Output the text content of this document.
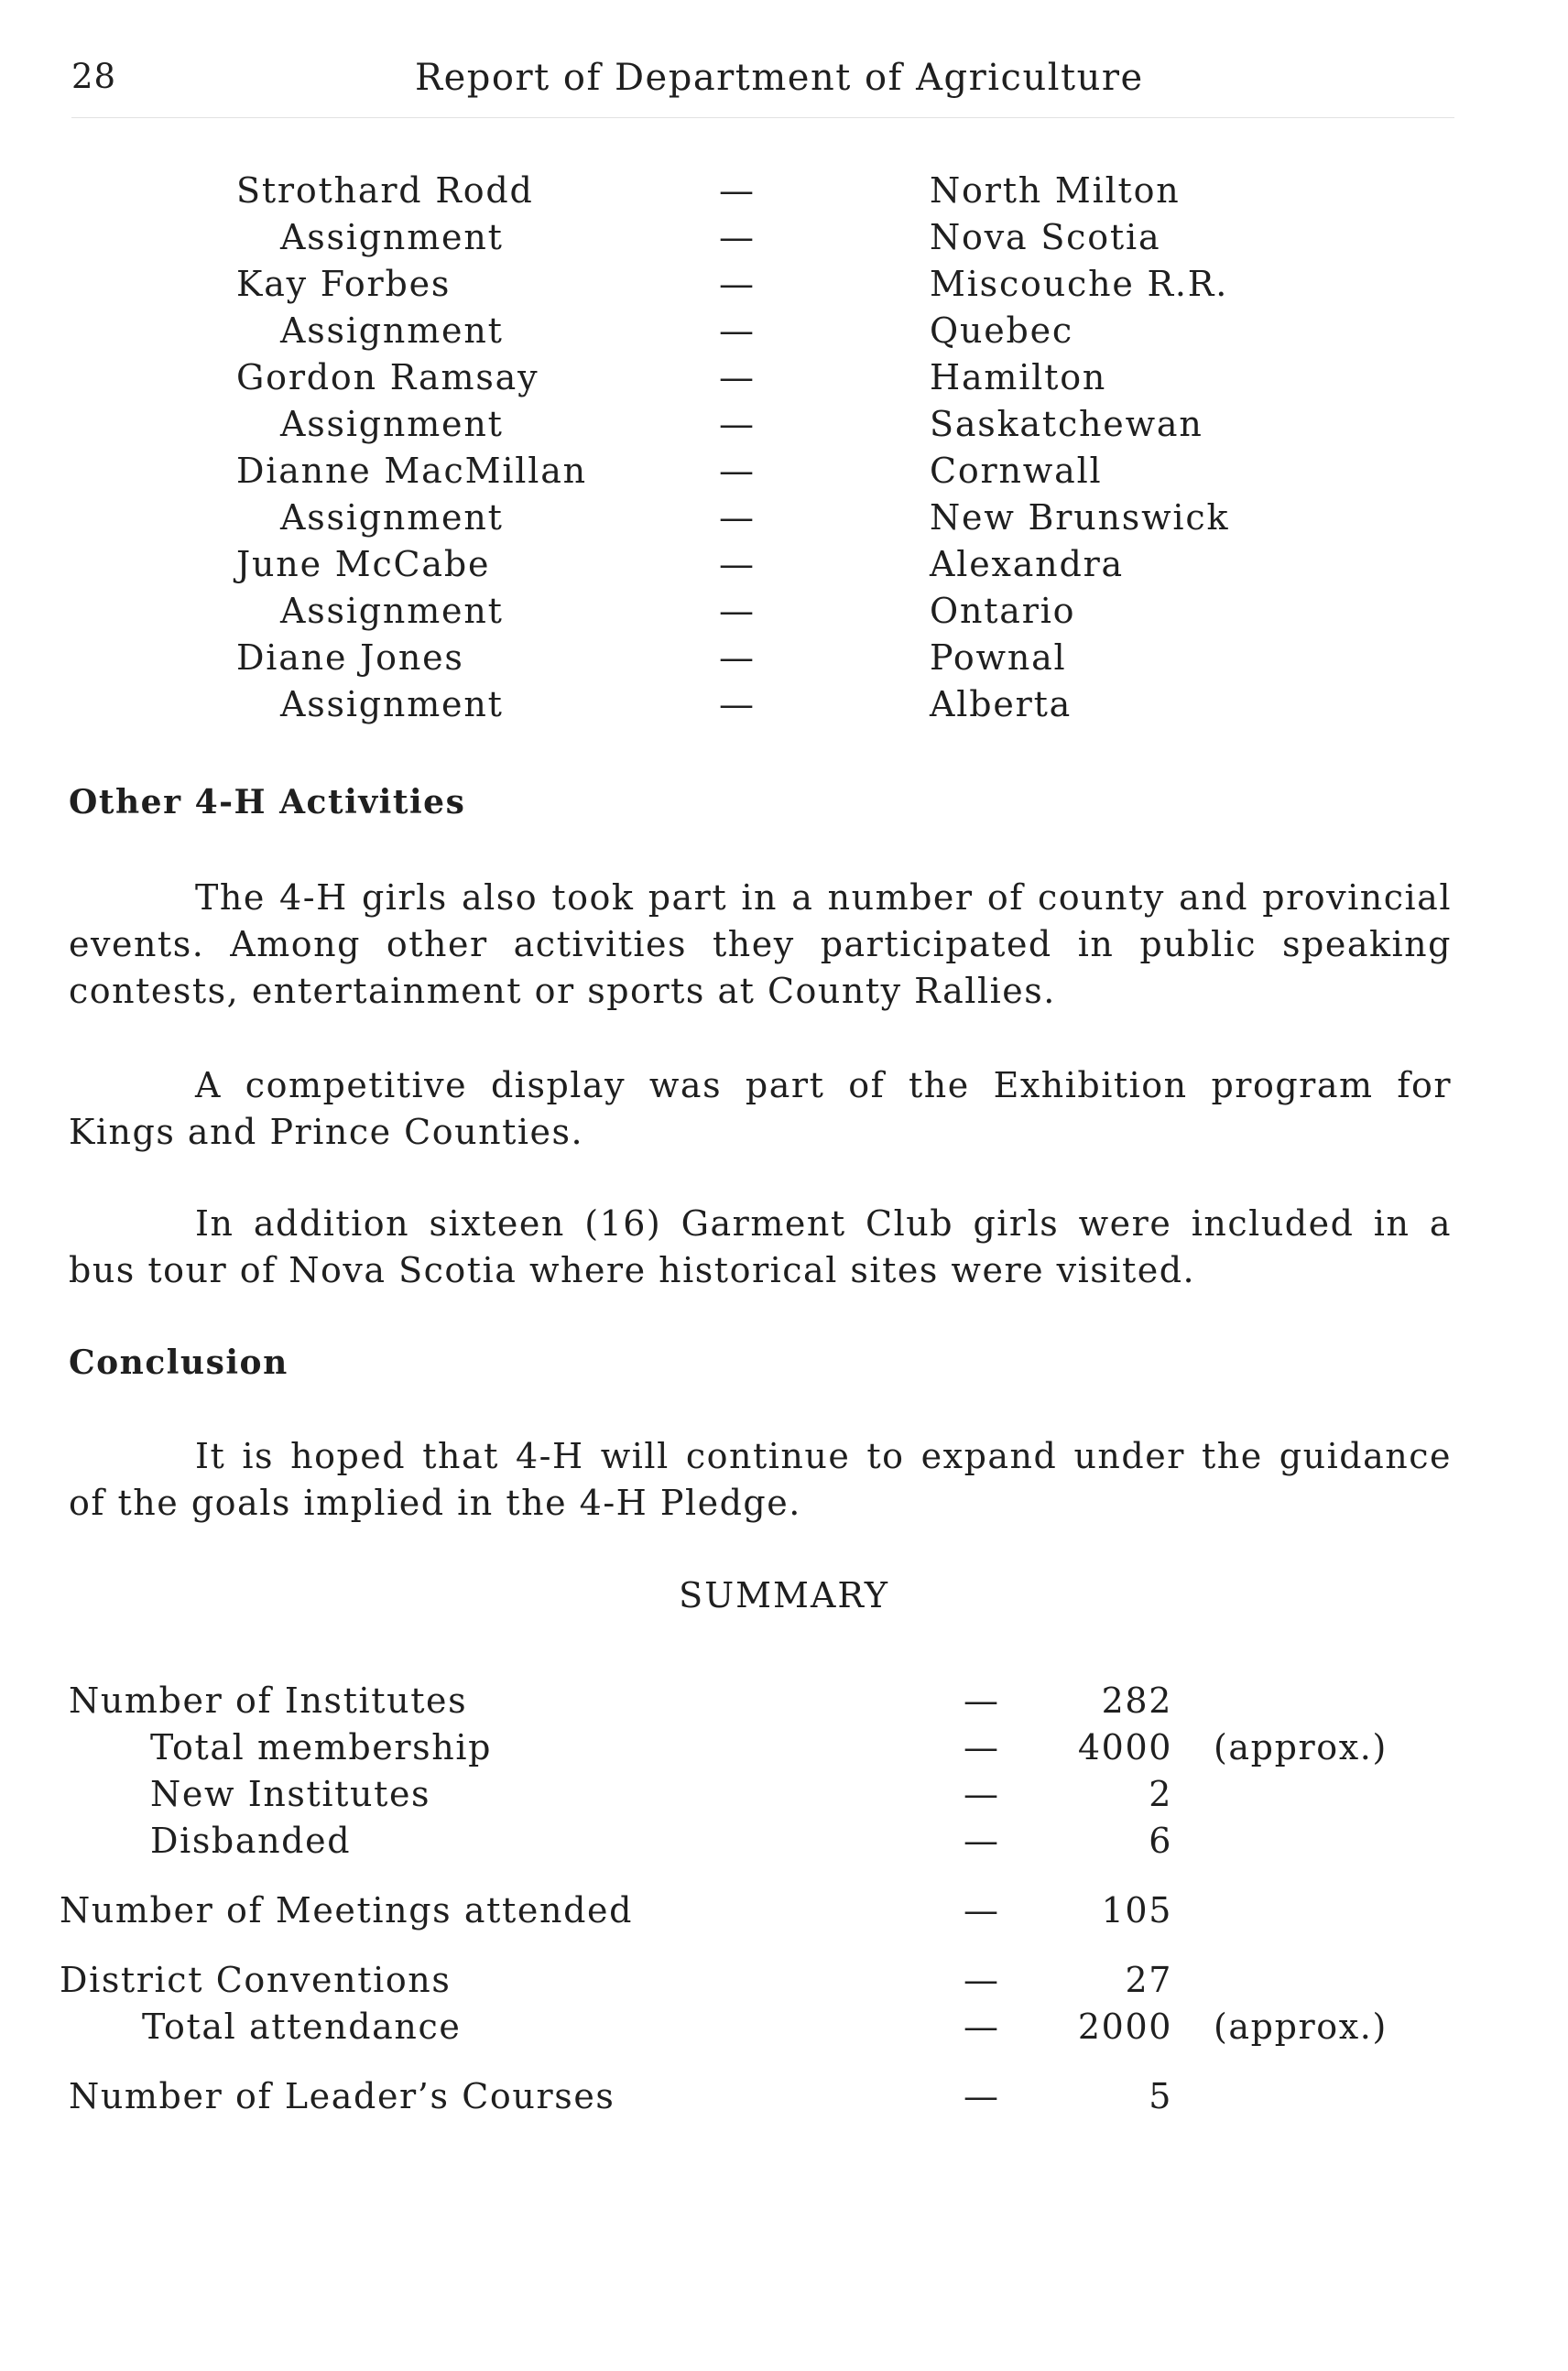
28	Report of Department of Agriculture
Strothard Rodd	—	North Milton
Assignment	—	Nova Scotia
Kay Forbes	—	Miscouche R.R.
Assignment	—	Quebec
Gordon Ramsay	—	Hamilton
Assignment	—	Saskatchewan
Dianne MacMillan	—	Cornwall
Assignment	—	New Brunswick
June McCabe	—	Alexandra
Assignment	—	Ontario
Diane Jones	—	Pownal
Assignment	—	Alberta
Other 4-H Activities

The 4-H girls also took part in a number of county and provincial events. Among other activities they participated in public speaking contests, entertainment or sports at County Rallies.

A competitive display was part of the Exhibition program for Kings and Prince Counties.

In addition sixteen (16) Garment Club girls were included in a bus tour of Nova Scotia where historical sites were visited.

Conclusion

It is hoped that 4-H will continue to expand under the guidance of the goals implied in the 4-H Pledge.

SUMMARY
Number of Institutes	—	282
Total membership	—	4000 (approx.)
New Institutes	—	2
Disbanded	—	6
Number of Meetings attended	—	105
District Conventions	—	27
Total attendance	—	2000 (approx.)
Number of Leader’s Courses	—	5
